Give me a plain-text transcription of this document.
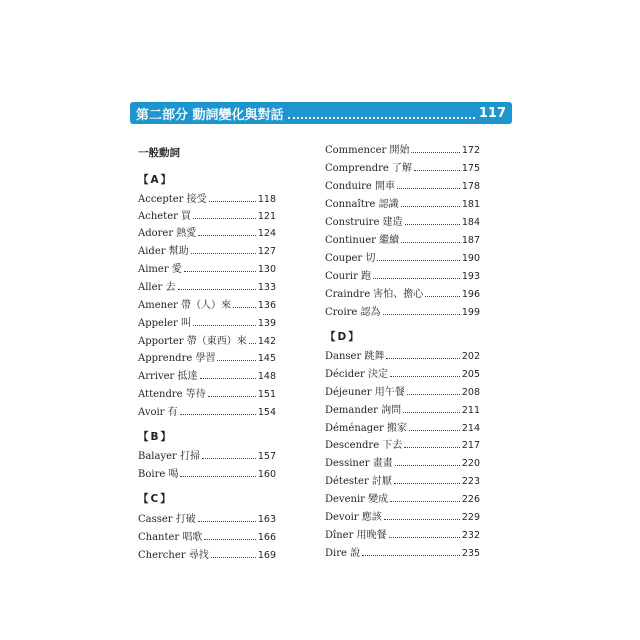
第二部分 動詞變化與對話	117
一般動詞
【A】
Accepter 接受	118
Acheter 買	121
Adorer 熱愛	124
Aider 幫助	127
Aimer 愛	130
Aller 去	133
Amener 帶（人）來	136
Appeler 叫	139
Apporter 帶（東西）來 142
Apprendre 學習	145
Arriver 抵達	148
Attendre 等待	151
Avoir 有	154
【B】
Balayer 打掃	157
Boire 喝	160
【C】
Casser 打破	163
Chanter 唱歌	166
Chercher 尋找	169
Commencer 開始	172
Comprendre 了解	175
Conduire 開車	178
Connaître 認識	181
Construire 建造	184
Continuer 繼續	187
Couper 切	190
Courir 跑	193
Craindre 害怕、擔心	196
Croire 認為	199
【D】
Danser 跳舞	202
Décider 決定	205
Déjeuner 用午餐	208
Demander 詢問	211
Déménager 搬家	214
Descendre 下去	217
Dessiner 畫畫	220
Détester 討厭	223
Devenir 變成	226
Devoir 應該	229
Dîner 用晚餐	232
Dire 說	235
